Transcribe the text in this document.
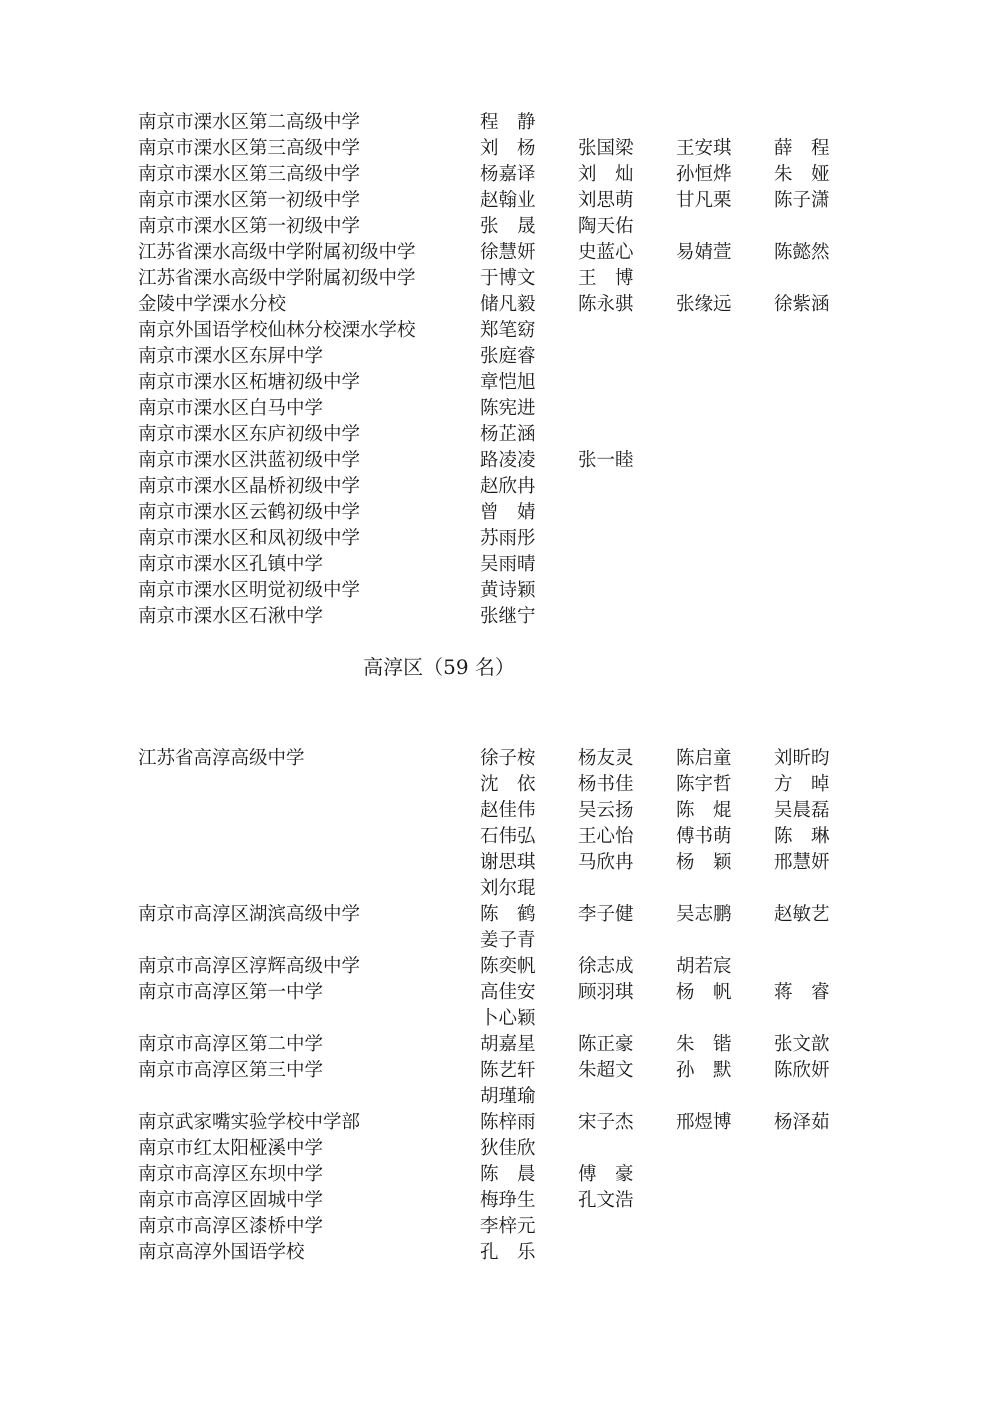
南京市溧水区第二高级中学	程　静
南京市溧水区第三高级中学	刘　杨	张国梁	王安琪	薛　程
南京市溧水区第三高级中学	杨嘉译	刘　灿	孙恒烨	朱　娅
南京市溧水区第一初级中学	赵翰业	刘思萌	甘凡栗	陈子潇
南京市溧水区第一初级中学	张　晟	陶天佑
江苏省溧水高级中学附属初级中学	徐慧妍	史蓝心	易婧萱	陈懿然
江苏省溧水高级中学附属初级中学	于博文	王　博
金陵中学溧水分校	储凡毅	陈永骐	张缘远	徐紫涵
南京外国语学校仙林分校溧水学校	郑笔窈
南京市溧水区东屏中学	张庭睿
南京市溧水区柘塘初级中学	章恺旭
南京市溧水区白马中学	陈宪进
南京市溧水区东庐初级中学	杨芷涵
南京市溧水区洪蓝初级中学	路凌凌	张一睦
南京市溧水区晶桥初级中学	赵欣冉
南京市溧水区云鹤初级中学	曾　婧
南京市溧水区和凤初级中学	苏雨彤
南京市溧水区孔镇中学	吴雨晴
南京市溧水区明觉初级中学	黄诗颖
南京市溧水区石湫中学	张继宁
高淳区（59 名）
江苏省高淳高级中学	徐子桉	杨友灵	陈启童	刘昕昀
沈　依	杨书佳	陈宇哲	方　晫
赵佳伟	吴云扬	陈　焜	吴晨磊
石伟弘	王心怡	傅书萌	陈　琳
谢思琪	马欣冉	杨　颖	邢慧妍
刘尔琨
南京市高淳区湖滨高级中学	陈　鹤	李子健	吴志鹏	赵敏艺
姜子青
南京市高淳区淳辉高级中学	陈奕帆	徐志成	胡若宸
南京市高淳区第一中学	高佳安	顾羽琪	杨　帆	蒋　睿
卜心颖
南京市高淳区第二中学	胡嘉星	陈正豪	朱　锴	张文歆
南京市高淳区第三中学	陈艺轩	朱超文	孙　默	陈欣妍
胡瑾瑜
南京武家嘴实验学校中学部	陈梓雨	宋子杰	邢煜博	杨泽茹
南京市红太阳桠溪中学	狄佳欣
南京市高淳区东坝中学	陈　晨	傅　豪
南京市高淳区固城中学	梅琤生	孔文浩
南京市高淳区漆桥中学	李梓元
南京高淳外国语学校	孔　乐
